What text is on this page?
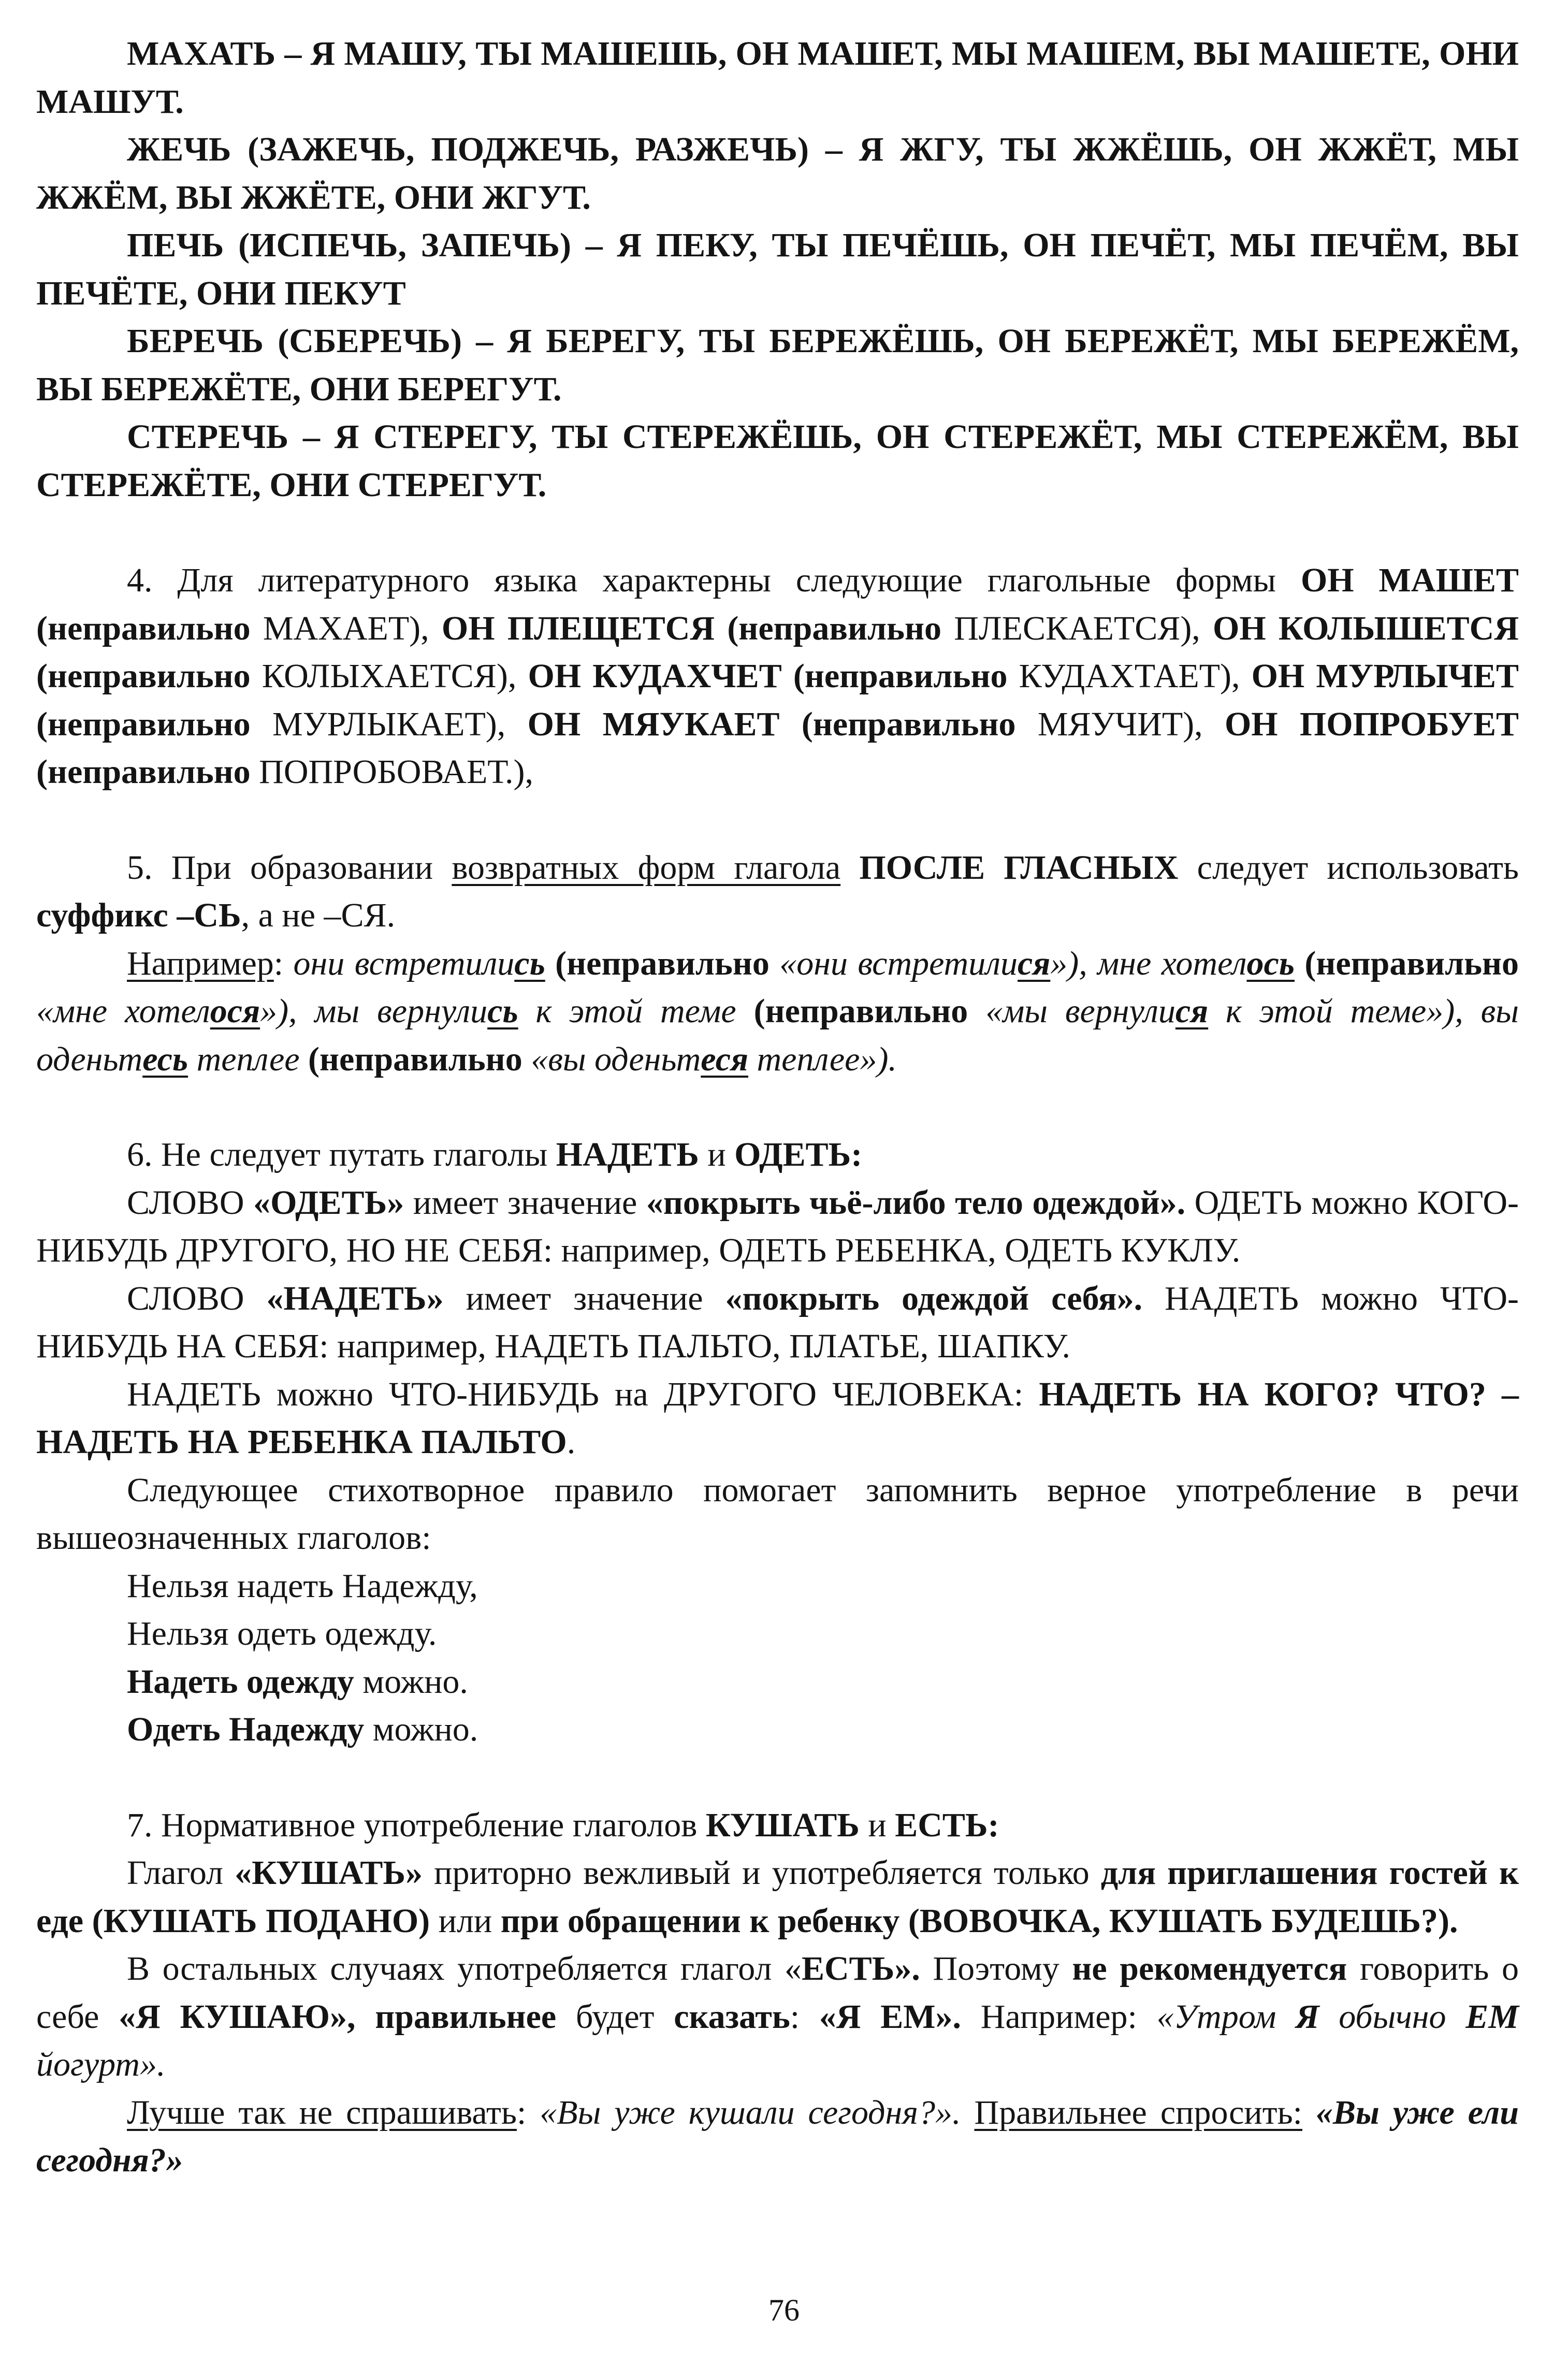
МАХАТЬ – Я МАШУ, ТЫ МАШЕШЬ, ОН МАШЕТ, МЫ МАШЕМ, ВЫ МАШЕТЕ, ОНИ МАШУТ.

ЖЕЧЬ (ЗАЖЕЧЬ, ПОДЖЕЧЬ, РАЗЖЕЧЬ) – Я ЖГУ, ТЫ ЖЖЁШЬ, ОН ЖЖЁТ, МЫ ЖЖЁМ, ВЫ ЖЖЁТЕ, ОНИ ЖГУТ.

ПЕЧЬ (ИСПЕЧЬ, ЗАПЕЧЬ) – Я ПЕКУ, ТЫ ПЕЧЁШЬ, ОН ПЕЧЁТ, МЫ ПЕЧЁМ, ВЫ ПЕЧЁТЕ, ОНИ ПЕКУТ

БЕРЕЧЬ (СБЕРЕЧЬ) – Я БЕРЕГУ, ТЫ БЕРЕЖЁШЬ, ОН БЕРЕЖЁТ, МЫ БЕРЕЖЁМ, ВЫ БЕРЕЖЁТЕ, ОНИ БЕРЕГУТ.

СТЕРЕЧЬ – Я СТЕРЕГУ, ТЫ СТЕРЕЖЁШЬ, ОН СТЕРЕЖЁТ, МЫ СТЕРЕЖЁМ, ВЫ СТЕРЕЖЁТЕ, ОНИ СТЕРЕГУТ.

4. Для литературного языка характерны следующие глагольные формы ОН МАШЕТ (неправильно МАХАЕТ), ОН ПЛЕЩЕТСЯ (неправильно ПЛЕСКАЕТСЯ), ОН КОЛЫШЕТСЯ (неправильно КОЛЫХАЕТСЯ), ОН КУДАХЧЕТ (неправильно КУДАХТАЕТ), ОН МУРЛЫЧЕТ (неправильно МУРЛЫКАЕТ), ОН МЯУКАЕТ (неправильно МЯУЧИТ), ОН ПОПРОБУЕТ (неправильно ПОПРОБОВАЕТ.),

5. При образовании возвратных форм глагола ПОСЛЕ ГЛАСНЫХ следует использовать суффикс –СЬ, а не –СЯ.

Например: они встретились (неправильно «они встретилися»), мне хотелось (неправильно «мне хотелося»), мы вернулись к этой теме (неправильно «мы вернулися к этой теме»), вы оденьтесь теплее (неправильно «вы оденьтеся теплее»).

6. Не следует путать глаголы НАДЕТЬ и ОДЕТЬ:

СЛОВО «ОДЕТЬ» имеет значение «покрыть чьё-либо тело одеждой». ОДЕТЬ можно КОГО-НИБУДЬ ДРУГОГО, НО НЕ СЕБЯ: например, ОДЕТЬ РЕБЕНКА, ОДЕТЬ КУКЛУ.

СЛОВО «НАДЕТЬ» имеет значение «покрыть одеждой себя». НАДЕТЬ можно ЧТО-НИБУДЬ НА СЕБЯ: например, НАДЕТЬ ПАЛЬТО, ПЛАТЬЕ, ШАПКУ.

НАДЕТЬ можно ЧТО-НИБУДЬ на ДРУГОГО ЧЕЛОВЕКА: НАДЕТЬ НА КОГО? ЧТО? – НАДЕТЬ НА РЕБЕНКА ПАЛЬТО.

Следующее стихотворное правило помогает запомнить верное употребление в речи вышеозначенных глаголов:

Нельзя надеть Надежду,

Нельзя одеть одежду.

Надеть одежду можно.

Одеть Надежду можно.

7. Нормативное употребление глаголов КУШАТЬ и ЕСТЬ:

Глагол «КУШАТЬ» приторно вежливый и употребляется только для приглашения гостей к еде (КУШАТЬ ПОДАНО) или при обращении к ребенку (ВОВОЧКА, КУШАТЬ БУДЕШЬ?).

В остальных случаях употребляется глагол «ЕСТЬ». Поэтому не рекомендуется говорить о себе «Я КУШАЮ», правильнее будет сказать: «Я ЕМ». Например: «Утром Я обычно ЕМ йогурт».

Лучше так не спрашивать: «Вы уже кушали сегодня?». Правильнее спросить: «Вы уже ели сегодня?»

76
